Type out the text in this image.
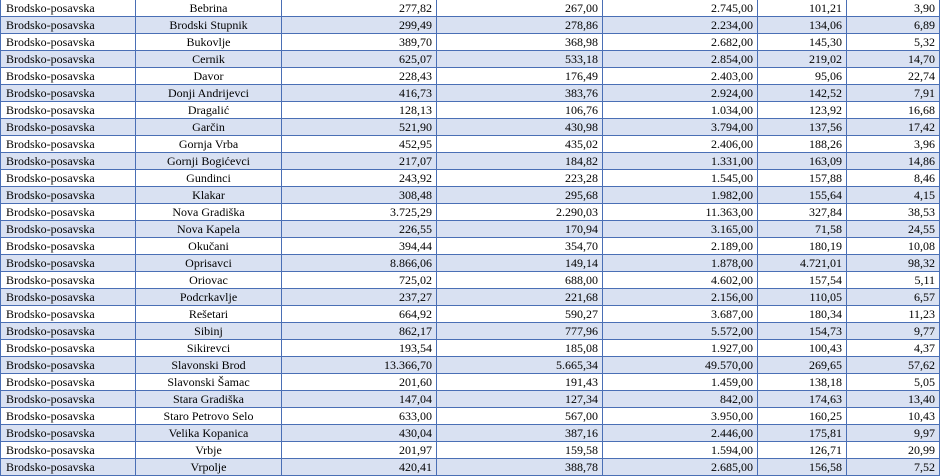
Brodsko-posavska	Bebrina	277,82	267,00	2.745,00	101,21	3,90
Brodsko-posavska	Brodski Stupnik	299,49	278,86	2.234,00	134,06	6,89
Brodsko-posavska	Bukovlje	389,70	368,98	2.682,00	145,30	5,32
Brodsko-posavska	Cernik	625,07	533,18	2.854,00	219,02	14,70
Brodsko-posavska	Davor	228,43	176,49	2.403,00	95,06	22,74
Brodsko-posavska	Donji Andrijevci	416,73	383,76	2.924,00	142,52	7,91
Brodsko-posavska	Dragalić	128,13	106,76	1.034,00	123,92	16,68
Brodsko-posavska	Garčin	521,90	430,98	3.794,00	137,56	17,42
Brodsko-posavska	Gornja Vrba	452,95	435,02	2.406,00	188,26	3,96
Brodsko-posavska	Gornji Bogićevci	217,07	184,82	1.331,00	163,09	14,86
Brodsko-posavska	Gundinci	243,92	223,28	1.545,00	157,88	8,46
Brodsko-posavska	Klakar	308,48	295,68	1.982,00	155,64	4,15
Brodsko-posavska	Nova Gradiška	3.725,29	2.290,03	11.363,00	327,84	38,53
Brodsko-posavska	Nova Kapela	226,55	170,94	3.165,00	71,58	24,55
Brodsko-posavska	Okučani	394,44	354,70	2.189,00	180,19	10,08
Brodsko-posavska	Oprisavci	8.866,06	149,14	1.878,00	4.721,01	98,32
Brodsko-posavska	Oriovac	725,02	688,00	4.602,00	157,54	5,11
Brodsko-posavska	Podcrkavlje	237,27	221,68	2.156,00	110,05	6,57
Brodsko-posavska	Rešetari	664,92	590,27	3.687,00	180,34	11,23
Brodsko-posavska	Sibinj	862,17	777,96	5.572,00	154,73	9,77
Brodsko-posavska	Sikirevci	193,54	185,08	1.927,00	100,43	4,37
Brodsko-posavska	Slavonski Brod	13.366,70	5.665,34	49.570,00	269,65	57,62
Brodsko-posavska	Slavonski Šamac	201,60	191,43	1.459,00	138,18	5,05
Brodsko-posavska	Stara Gradiška	147,04	127,34	842,00	174,63	13,40
Brodsko-posavska	Staro Petrovo Selo	633,00	567,00	3.950,00	160,25	10,43
Brodsko-posavska	Velika Kopanica	430,04	387,16	2.446,00	175,81	9,97
Brodsko-posavska	Vrbje	201,97	159,58	1.594,00	126,71	20,99
Brodsko-posavska	Vrpolje	420,41	388,78	2.685,00	156,58	7,52
